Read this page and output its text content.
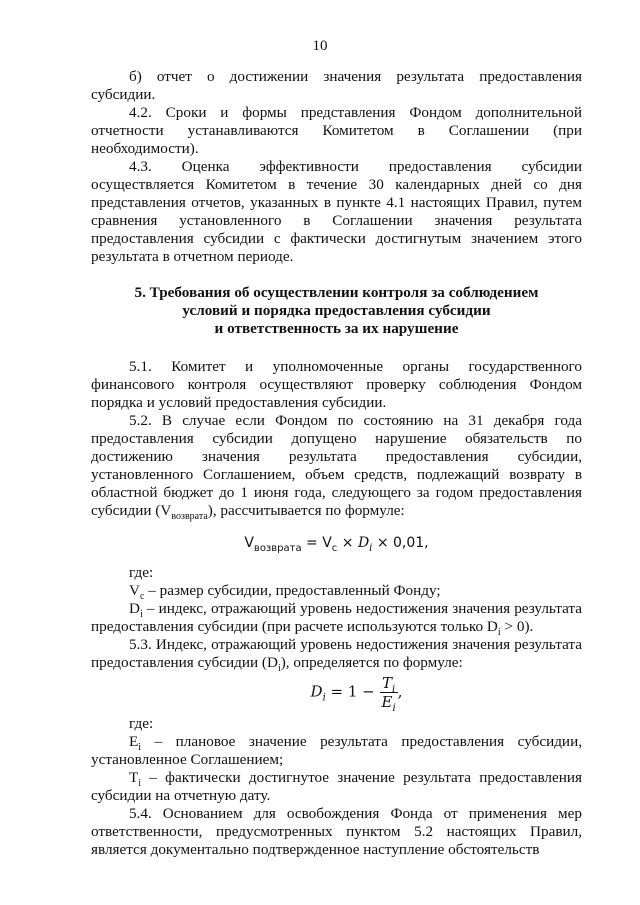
10

б) отчет о достижении значения результата предоставления субсидии.

4.2. Сроки и формы представления Фондом дополнительной отчетности устанавливаются Комитетом в Соглашении (при необходимости).

4.3. Оценка эффективности предоставления субсидии осуществляется Комитетом в течение 30 календарных дней со дня представления отчетов, указанных в пункте 4.1 настоящих Правил, путем сравнения установленного в Соглашении значения результата предоставления субсидии с фактически достигнутым значением этого результата в отчетном периоде.

5. Требования об осуществлении контроля за соблюдением
условий и порядка предоставления субсидии
и ответственность за их нарушение

5.1. Комитет и уполномоченные органы государственного финансового контроля осуществляют проверку соблюдения Фондом порядка и условий предоставления субсидии.

5.2. В случае если Фондом по состоянию на 31 декабря года предоставления субсидии допущено нарушение обязательств по достижению значения результата предоставления субсидии, установленного Соглашением, объем средств, подлежащий возврату в областной бюджет до 1 июня года, следующего за годом предоставления субсидии $(V_{возврата})$, рассчитывается по формуле:

$V_{возврата} = V_c \times D_i \times 0,01$,

где:

$V_c$ – размер субсидии, предоставленный Фонду;

$D_i$ – индекс, отражающий уровень недостижения значения результата предоставления субсидии (при расчете используются только $D_i > 0$).

5.3. Индекс, отражающий уровень недостижения значения результата предоставления субсидии $(D_i)$, определяется по формуле:

$D_i = 1 - \frac{T_i}{E_i}$ ,

где:

$E_i$ – плановое значение результата предоставления субсидии, установленное Соглашением;

$T_i$ – фактически достигнутое значение результата предоставления субсидии на отчетную дату.

5.4. Основанием для освобождения Фонда от применения мер ответственности, предусмотренных пунктом 5.2 настоящих Правил, является документально подтвержденное наступление обстоятельств
